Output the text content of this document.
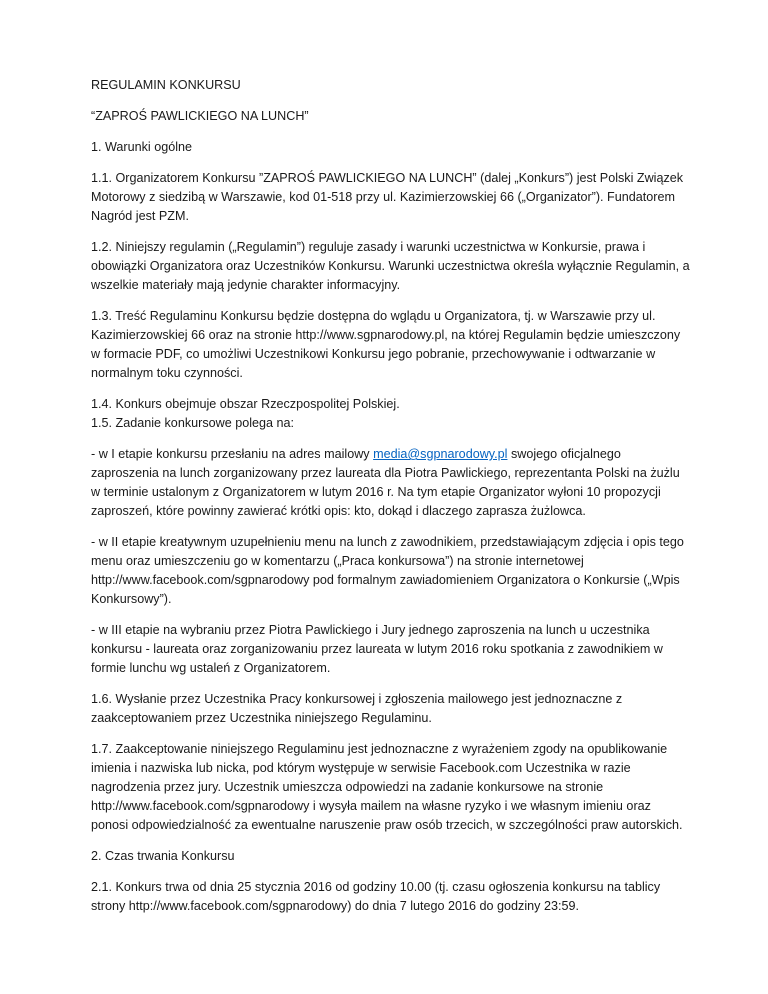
REGULAMIN KONKURSU

“ZAPROŚ PAWLICKIEGO NA LUNCH”

1. Warunki ogólne

1.1. Organizatorem Konkursu ”ZAPROŚ PAWLICKIEGO NA LUNCH” (dalej „Konkurs”) jest Polski Związek Motorowy z siedzibą w Warszawie, kod 01-518 przy ul. Kazimierzowskiej 66 („Organizator”). Fundatorem Nagród jest PZM.

1.2. Niniejszy regulamin („Regulamin”) reguluje zasady i warunki uczestnictwa w Konkursie, prawa i obowiązki Organizatora oraz Uczestników Konkursu. Warunki uczestnictwa określa wyłącznie Regulamin, a wszelkie materiały mają jedynie charakter informacyjny.

1.3. Treść Regulaminu Konkursu będzie dostępna do wglądu u Organizatora, tj. w Warszawie przy ul. Kazimierzowskiej 66 oraz na stronie http://www.sgpnarodowy.pl, na której Regulamin będzie umieszczony w formacie PDF, co umożliwi Uczestnikowi Konkursu jego pobranie, przechowywanie i odtwarzanie w normalnym toku czynności.

1.4. Konkurs obejmuje obszar Rzeczpospolitej Polskiej.

1.5. Zadanie konkursowe polega na:

- w I etapie konkursu przesłaniu na adres mailowy media@sgpnarodowy.pl swojego oficjalnego zaproszenia na lunch zorganizowany przez laureata dla Piotra Pawlickiego, reprezentanta Polski na żużlu w terminie ustalonym z Organizatorem w lutym 2016 r. Na tym etapie Organizator wyłoni 10 propozycji zaproszeń, które powinny zawierać krótki opis: kto, dokąd i dlaczego zaprasza żużlowca.

- w II etapie kreatywnym uzupełnieniu menu na lunch z zawodnikiem, przedstawiającym zdjęcia i opis tego menu oraz umieszczeniu go w komentarzu („Praca konkursowa”) na stronie internetowej http://www.facebook.com/sgpnarodowy pod formalnym zawiadomieniem Organizatora o Konkursie („Wpis Konkursowy”).

- w III etapie na wybraniu przez Piotra Pawlickiego i Jury jednego zaproszenia na lunch u uczestnika konkursu - laureata oraz zorganizowaniu przez laureata w lutym 2016 roku spotkania z zawodnikiem w formie lunchu wg ustaleń z Organizatorem.

1.6. Wysłanie przez Uczestnika Pracy konkursowej i zgłoszenia mailowego jest jednoznaczne z zaakceptowaniem przez Uczestnika niniejszego Regulaminu.

1.7. Zaakceptowanie niniejszego Regulaminu jest jednoznaczne z wyrażeniem zgody na opublikowanie imienia i nazwiska lub nicka, pod którym występuje w serwisie Facebook.com Uczestnika w razie nagrodzenia przez jury. Uczestnik umieszcza odpowiedzi na zadanie konkursowe na stronie http://www.facebook.com/sgpnarodowy i wysyła mailem na własne ryzyko i we własnym imieniu oraz ponosi odpowiedzialność za ewentualne naruszenie praw osób trzecich, w szczególności praw autorskich.

2. Czas trwania Konkursu

2.1. Konkurs trwa od dnia 25 stycznia 2016 od godziny 10.00 (tj. czasu ogłoszenia konkursu na tablicy strony http://www.facebook.com/sgpnarodowy) do dnia 7 lutego 2016 do godziny 23:59.
